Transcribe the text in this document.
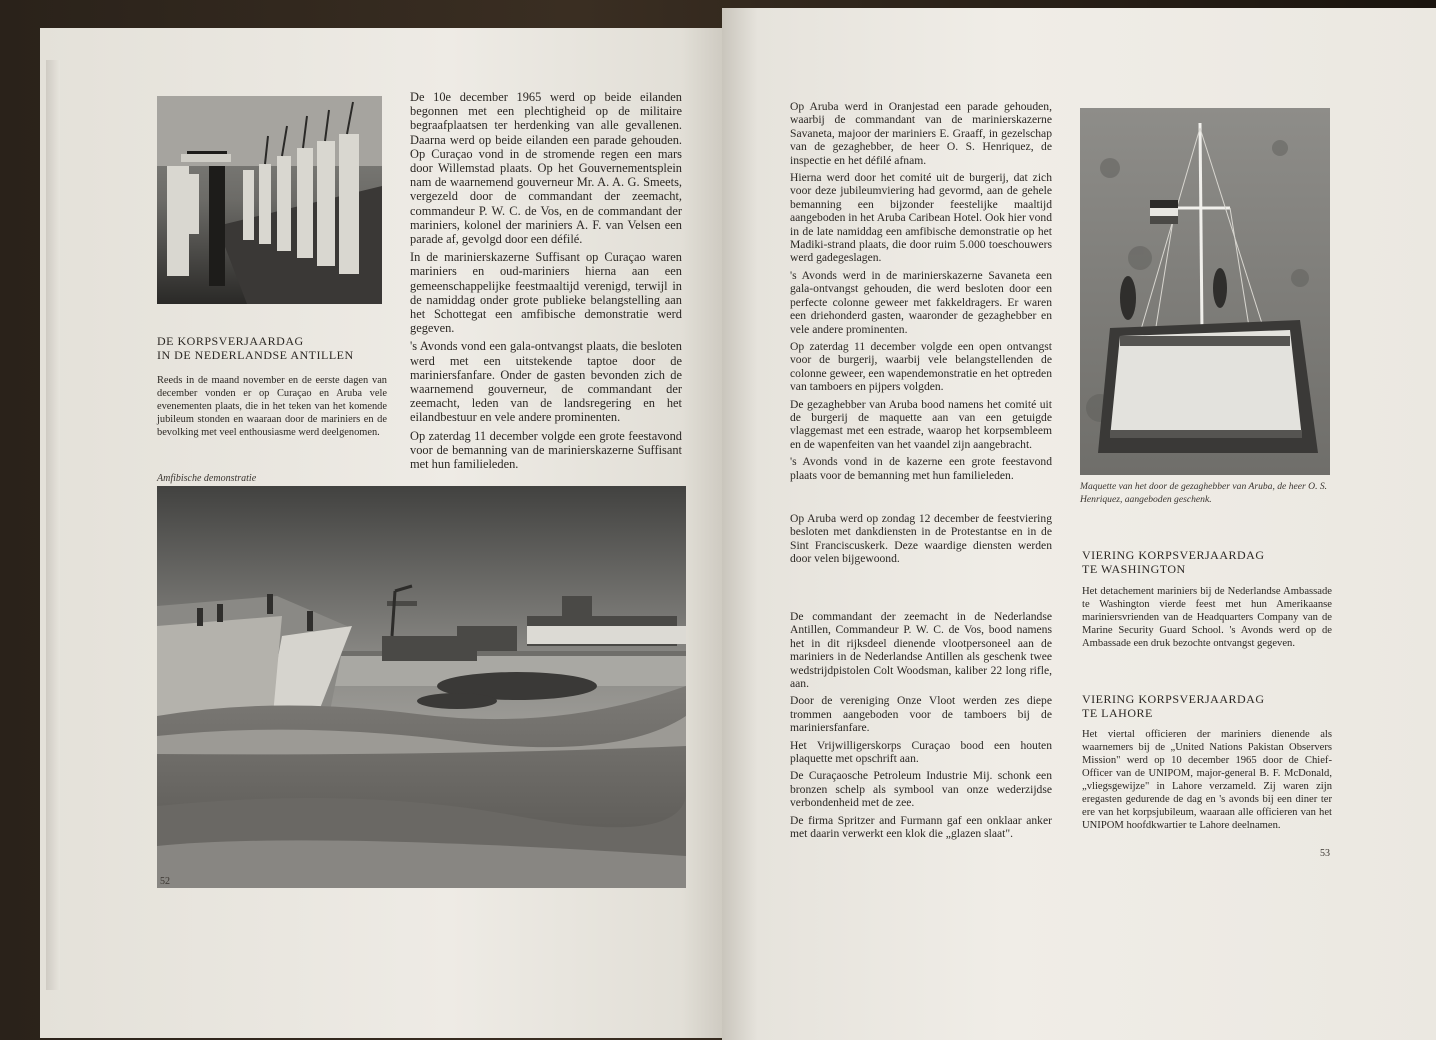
De 10e december 1965 werd op beide eilanden begonnen met een plechtigheid op de militaire begraafplaatsen ter herdenking van alle gevallenen. Daarna werd op beide eilanden een parade gehouden. Op Curaçao vond in de stromende regen een mars door Willemstad plaats. Op het Gouvernementsplein nam de waarnemend gouverneur Mr. A. A. G. Smeets, vergezeld door de commandant der zeemacht, commandeur P. W. C. de Vos, en de commandant der mariniers, kolonel der mariniers A. F. van Velsen een parade af, gevolgd door een défilé.

In de marinierskazerne Suffisant op Curaçao waren mariniers en oud-mariniers hierna aan een gemeenschappelijke feestmaaltijd verenigd, terwijl in de namiddag onder grote publieke belangstelling aan het Schottegat een amfibische demonstratie werd gegeven.

's Avonds vond een gala-ontvangst plaats, die besloten werd met een uitstekende taptoe door de mariniersfanfare. Onder de gasten bevonden zich de waarnemend gouverneur, de commandant der zeemacht, leden van de landsregering en het eilandbestuur en vele andere prominenten.

Op zaterdag 11 december volgde een grote feestavond voor de bemanning van de marinierskazerne Suffisant met hun familieleden.

DE KORPSVERJAARDAG
IN DE NEDERLANDSE ANTILLEN

Reeds in de maand november en de eerste dagen van december vonden er op Curaçao en Aruba vele evenementen plaats, die in het teken van het komende jubileum stonden en waaraan door de mariniers en de bevolking met veel enthousiasme werd deelgenomen.

Amfibische demonstratie
52

Op Aruba werd in Oranjestad een parade gehouden, waarbij de commandant van de marinierskazerne Savaneta, majoor der mariniers E. Graaff, in gezelschap van de gezaghebber, de heer O. S. Henriquez, de inspectie en het défilé afnam.

Hierna werd door het comité uit de burgerij, dat zich voor deze jubileumviering had gevormd, aan de gehele bemanning een bijzonder feestelijke maaltijd aangeboden in het Aruba Caribean Hotel. Ook hier vond in de late namiddag een amfibische demonstratie op het Madiki-strand plaats, die door ruim 5.000 toeschouwers werd gadegeslagen.

's Avonds werd in de marinierskazerne Savaneta een gala-ontvangst gehouden, die werd besloten door een perfecte colonne geweer met fakkeldragers. Er waren een driehonderd gasten, waaronder de gezaghebber en vele andere prominenten.

Op zaterdag 11 december volgde een open ontvangst voor de burgerij, waarbij vele belangstellenden de colonne geweer, een wapendemonstratie en het optreden van tamboers en pijpers volgden.

De gezaghebber van Aruba bood namens het comité uit de burgerij de maquette aan van een getuigde vlaggemast met een estrade, waarop het korpsembleem en de wapenfeiten van het vaandel zijn aangebracht.

's Avonds vond in de kazerne een grote feestavond plaats voor de bemanning met hun familieleden.

Op Aruba werd op zondag 12 december de feestviering besloten met dankdiensten in de Protestantse en in de Sint Franciscuskerk. Deze waardige diensten werden door velen bijgewoond.

De commandant der zeemacht in de Nederlandse Antillen, Commandeur P. W. C. de Vos, bood namens het in dit rijksdeel dienende vlootpersoneel aan de mariniers in de Nederlandse Antillen als geschenk twee wedstrijdpistolen Colt Woodsman, kaliber 22 long rifle, aan.

Door de vereniging Onze Vloot werden zes diepe trommen aangeboden voor de tamboers bij de mariniersfanfare.

Het Vrijwilligerskorps Curaçao bood een houten plaquette met opschrift aan.

De Curaçaosche Petroleum Industrie Mij. schonk een bronzen schelp als symbool van onze wederzijdse verbondenheid met de zee.

De firma Spritzer and Furmann gaf een onklaar anker met daarin verwerkt een klok die „glazen slaat".

Maquette van het door de gezaghebber van Aruba, de heer O. S. Henriquez, aangeboden geschenk.
VIERING KORPSVERJAARDAG
TE WASHINGTON

Het detachement mariniers bij de Nederlandse Ambassade te Washington vierde feest met hun Amerikaanse mariniersvrienden van de Headquarters Company van de Marine Security Guard School. 's Avonds werd op de Ambassade een druk bezochte ontvangst gegeven.

VIERING KORPSVERJAARDAG
TE LAHORE

Het viertal officieren der mariniers dienende als waarnemers bij de „United Nations Pakistan Observers Mission" werd op 10 december 1965 door de Chief-Officer van de UNIPOM, major-general B. F. McDonald, „vliegsgewijze" in Lahore verzameld. Zij waren zijn eregasten gedurende de dag en 's avonds bij een diner ter ere van het korpsjubileum, waaraan alle officieren van het UNIPOM hoofdkwartier te Lahore deelnamen.

53
